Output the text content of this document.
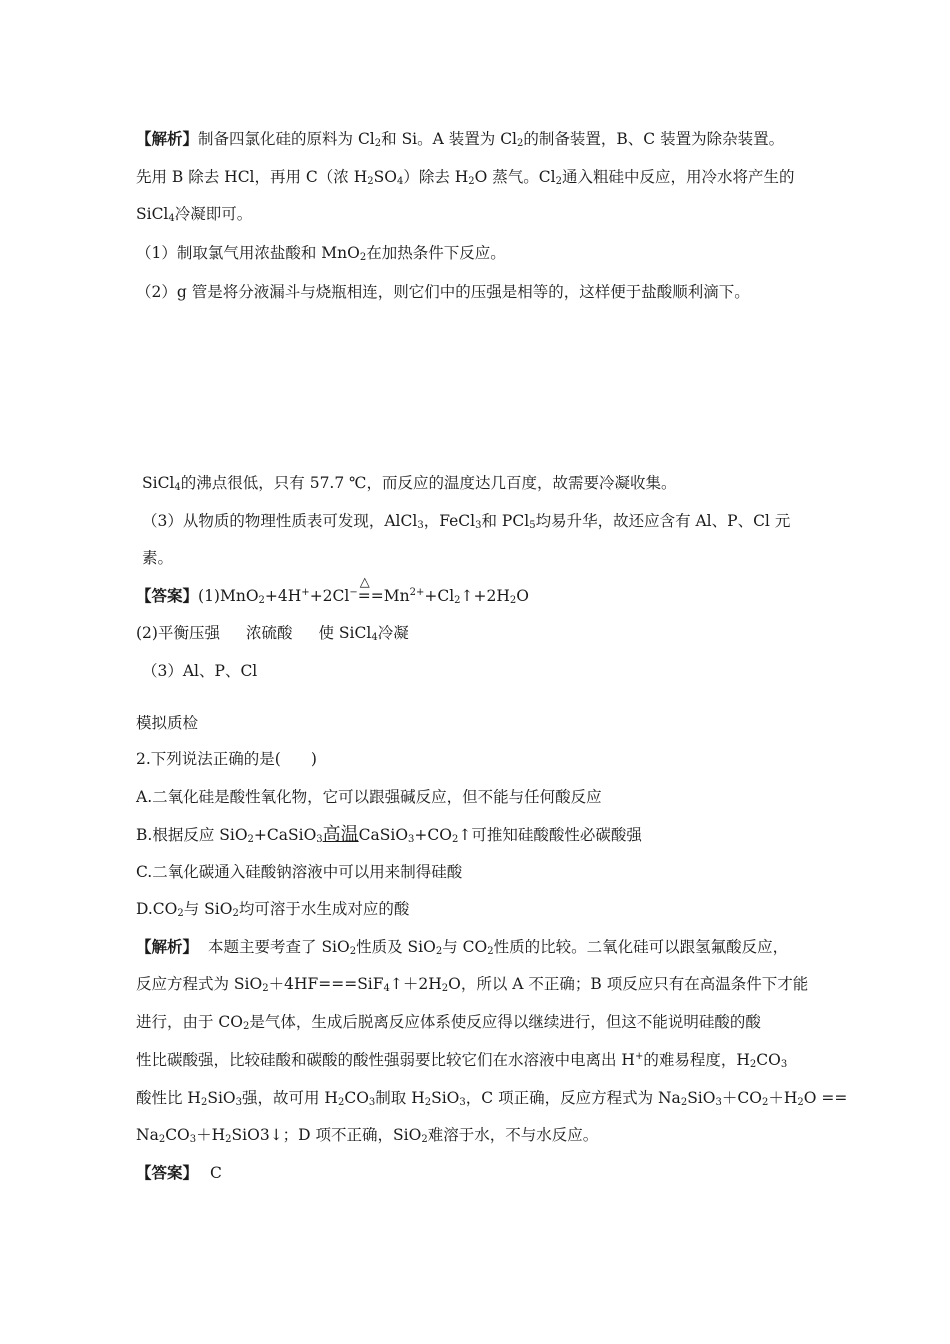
【解析】制备四氯化硅的原料为 $Cl_2$和 Si。A 装置为 $Cl_2$的制备装置，B、C 装置为除杂装置。
先用 B 除去 HCl，再用 C（浓 $H_2SO_4$）除去 $H_2O$ 蒸气。$Cl_2$通入粗硅中反应，用冷水将产生的
SiCl$_4$冷凝即可。
（1）制取氯气用浓盐酸和 MnO$_2$在加热条件下反应。
（2）g 管是将分液漏斗与烧瓶相连，则它们中的压强是相等的，这样便于盐酸顺利滴下。
SiCl$_4$的沸点很低，只有 57.7 ℃，而反应的温度达几百度，故需要冷凝收集。
（3）从物质的物理性质表可发现，AlCl$_3$，FeCl$_3$和 PCl$_5$均易升华，故还应含有 Al、P、Cl 元
素。
【答案】(1)MnO$_2$+4H++2Cl−
△
$==Mn^{2+}+Cl_2↑+2H_2O$
(2)平衡压强 浓硫酸 使 SiCl$_4$冷凝
（3）Al、P、Cl
模拟质检
2.下列说法正确的是( )
A.二氧化硅是酸性氧化物，它可以跟强碱反应，但不能与任何酸反应
B.根据反应 SiO$_2$+CaSiO$_3$高温$CaSiO_3+CO_2↑$可推知硅酸酸性必碳酸强
C.二氧化碳通入硅酸钠溶液中可以用来制得硅酸
$D.CO_2$与 SiO$_2$均可溶于水生成对应的酸
【解析】 本题主要考查了 SiO$_2$性质及 SiO$_2$与 $CO_2$性质的比较。二氧化硅可以跟氢氟酸反应，
反应方程式为 $SiO_2+4HF===SiF_4↑+2H_2O$，所以 A 不正确；B 项反应只有在高温条件下才能
进行，由于 $CO_2$是气体，生成后脱离反应体系使反应得以继续进行，但这不能说明硅酸的酸
性比碳酸强，比较硅酸和碳酸的酸性强弱要比较它们在水溶液中电离出 H+的难易程度，$H_2CO_3$
酸性比 $H_2SiO_3$强，故可用 $H_2CO_3$制取 $H_2SiO_3$，C 项正确，反应方程式为 $Na_2SiO_3+CO_2+H_2O$ ==
$Na_2CO_3+H_2SiO3↓$；D 项不正确，SiO$_2$难溶于水，不与水反应。
【答案】 C
